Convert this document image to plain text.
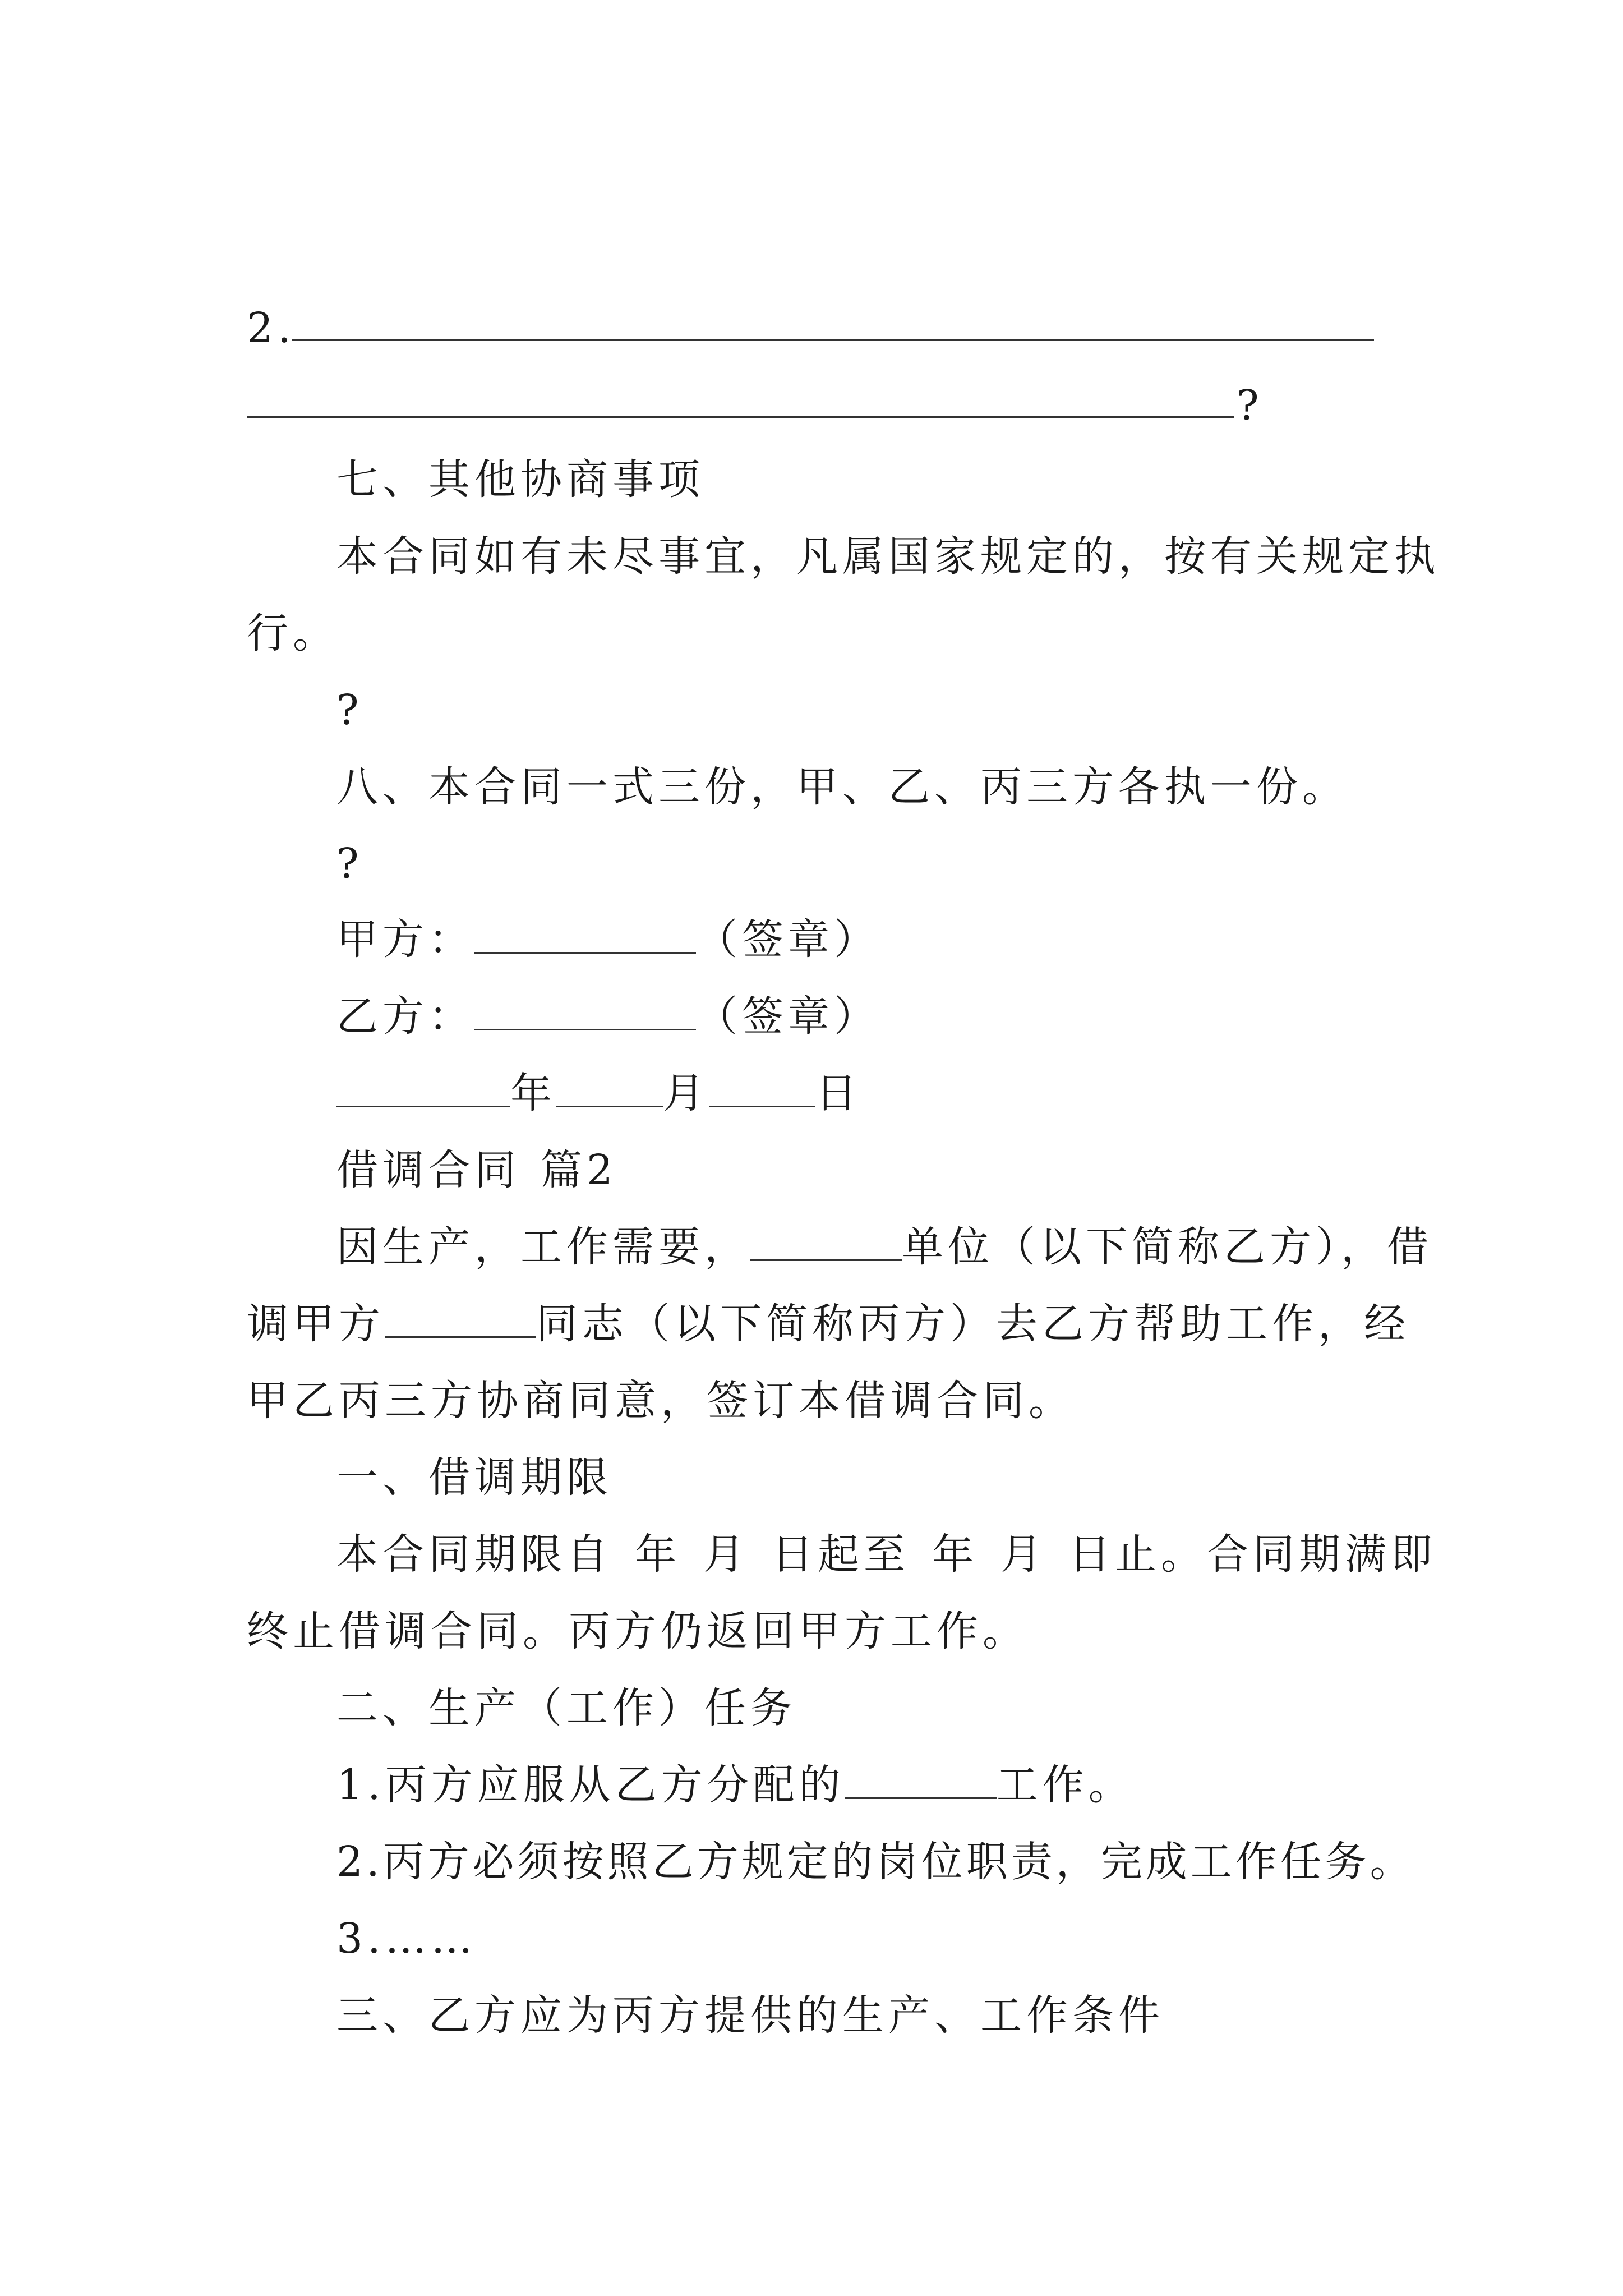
2.
?
七、其他协商事项
本合同如有未尽事宜，凡属国家规定的，按有关规定执
行。
?
八、本合同一式三份，甲、乙、丙三方各执一份。
?
甲方：	（签章）
乙方：	（签章）
年	月	日
借调合同 篇2
因生产，工作需要，	单位（以下简称乙方），借
调甲方	同志（以下简称丙方）去乙方帮助工作，经
甲乙丙三方协商同意，签订本借调合同。
一、借调期限
本合同期限自 年 月 日起至 年 月 日止。合同期满即
终止借调合同。丙方仍返回甲方工作。
二、生产（工作）任务
1.丙方应服从乙方分配的	工作。
2.丙方必须按照乙方规定的岗位职责，完成工作任务。
3.……
三、乙方应为丙方提供的生产、工作条件
